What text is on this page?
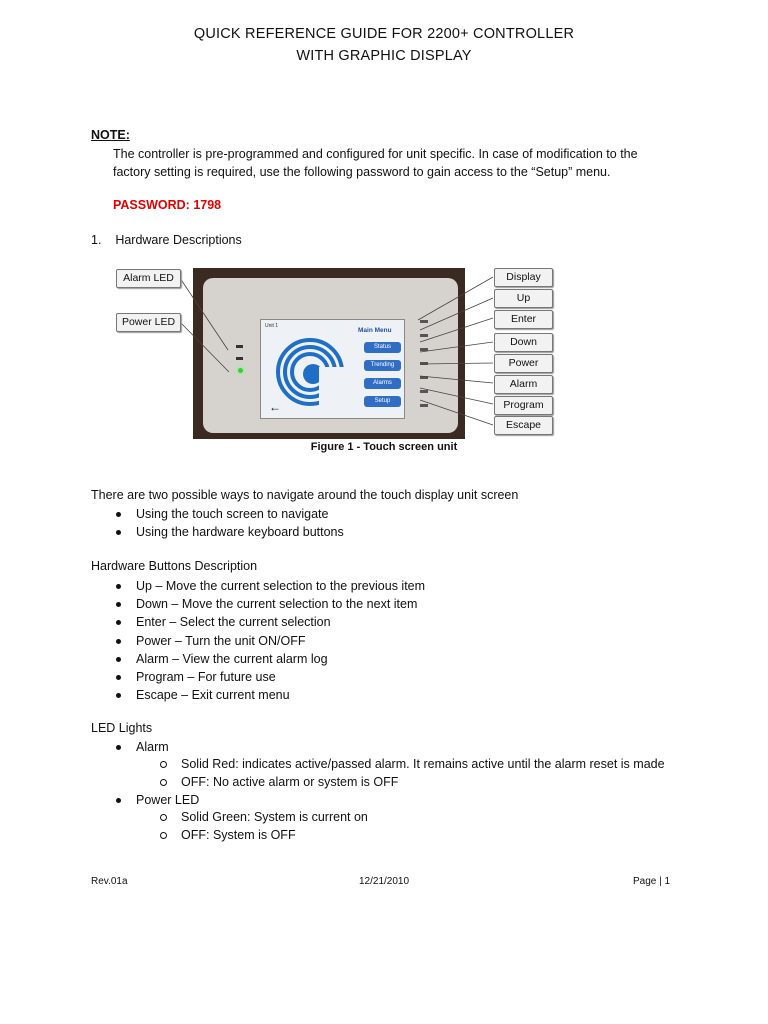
QUICK REFERENCE GUIDE FOR 2200+ CONTROLLER
WITH GRAPHIC DISPLAY
NOTE:
The controller is pre-programmed and configured for unit specific. In case of modification to the
factory setting is required, use the following password to gain access to the “Setup” menu.
PASSWORD: 1798
1.    Hardware Descriptions
Unit 1
Main Menu
Status
Trending
Alarms
Setup
←
Alarm LED
Power LED
Display
Up
Enter
Down
Power
Alarm
Program
Escape
Figure 1 - Touch screen unit
There are two possible ways to navigate around the touch display unit screen
Using the touch screen to navigate
Using the hardware keyboard buttons
Hardware Buttons Description
Up – Move the current selection to the previous item
Down – Move the current selection to the next item
Enter – Select the current selection
Power – Turn the unit ON/OFF
Alarm – View the current alarm log
Program – For future use
Escape – Exit current menu
LED Lights
Alarm
Solid Red: indicates active/passed alarm. It remains active until the alarm reset is made
OFF: No active alarm or system is OFF
Power LED
Solid Green: System is current on
OFF: System is OFF
Rev.01a	12/21/2010	Page | 1
